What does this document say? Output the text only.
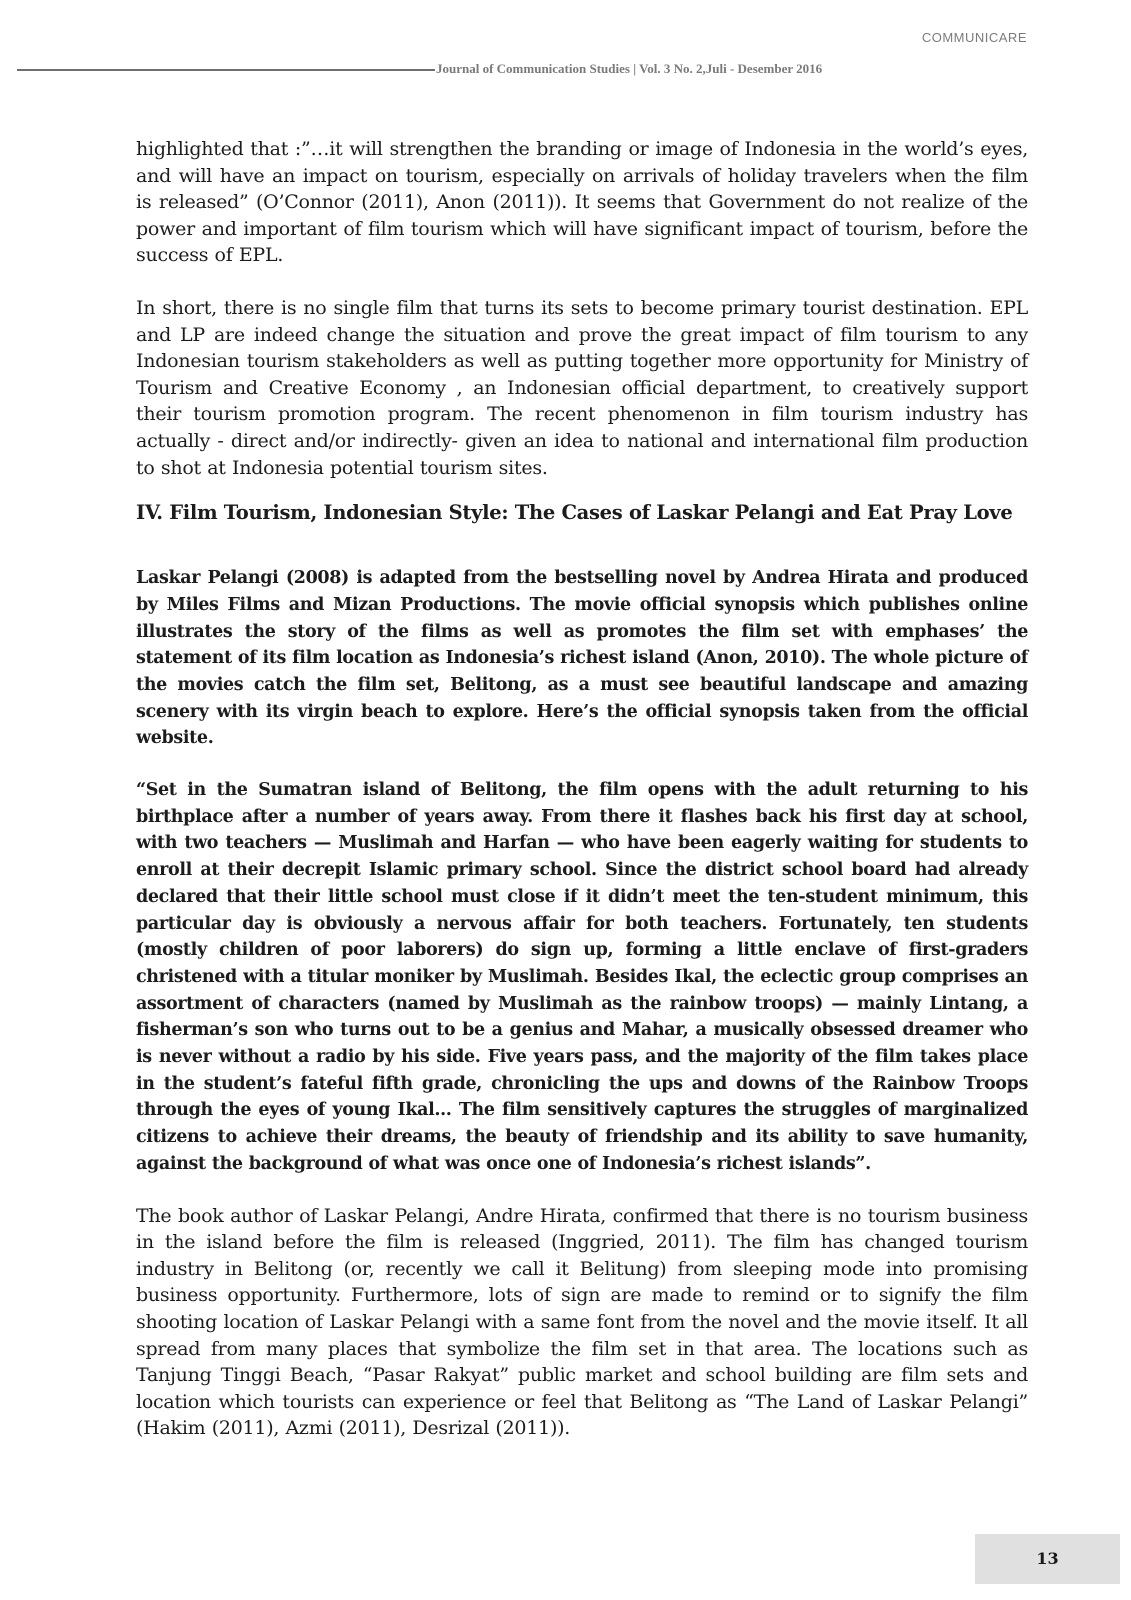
COMMUNICARE
Journal of Communication Studies | Vol. 3 No. 2,Juli - Desember 2016

highlighted that :”…it will strengthen the branding or image of Indonesia in the world’s eyes, and will have an impact on tourism, especially on arrivals of holiday travelers when the film is released” (O’Connor (2011), Anon (2011)). It seems that Government do not realize of the power and important of film tourism which will have significant impact of tourism, before the success of EPL.

In short, there is no single film that turns its sets to become primary tourist destination. EPL and LP are indeed change the situation and prove the great impact of film tourism to any Indonesian tourism stakeholders as well as putting together more opportunity for Ministry of Tourism and Creative Economy , an Indonesian official department, to creatively support their tourism promotion program. The recent phenomenon in film tourism industry has actually - direct and/or indirectly- given an idea to national and international film production to shot at Indonesia potential tourism sites.

IV. Film Tourism, Indonesian Style: The Cases of Laskar Pelangi and Eat Pray Love

Laskar Pelangi (2008) is adapted from the bestselling novel by Andrea Hirata and produced by Miles Films and Mizan Productions. The movie official synopsis which publishes online illustrates the story of the films as well as promotes the film set with emphases’ the statement of its film location as Indonesia’s richest island (Anon, 2010). The whole picture of the movies catch the film set, Belitong, as a must see beautiful landscape and amazing scenery with its virgin beach to explore. Here’s the official synopsis taken from the official website.

“Set in the Sumatran island of Belitong, the film opens with the adult returning to his birthplace after a number of years away. From there it flashes back his first day at school, with two teachers — Muslimah and Harfan — who have been eagerly waiting for students to enroll at their decrepit Islamic primary school. Since the district school board had already declared that their little school must close if it didn’t meet the ten-student minimum, this particular day is obviously a nervous affair for both teachers. Fortunately, ten students (mostly children of poor laborers) do sign up, forming a little enclave of first-graders christened with a titular moniker by Muslimah. Besides Ikal, the eclectic group comprises an assortment of characters (named by Muslimah as the rainbow troops) — mainly Lintang, a fisherman’s son who turns out to be a genius and Mahar, a musically obsessed dreamer who is never without a radio by his side. Five years pass, and the majority of the film takes place in the student’s fateful fifth grade, chronicling the ups and downs of the Rainbow Troops through the eyes of young Ikal… The film sensitively captures the struggles of marginalized citizens to achieve their dreams, the beauty of friendship and its ability to save humanity, against the background of what was once one of Indonesia’s richest islands”.

The book author of Laskar Pelangi, Andre Hirata, confirmed that there is no tourism business in the island before the film is released (Inggried, 2011). The film has changed tourism industry in Belitong (or, recently we call it Belitung) from sleeping mode into promising business opportunity. Furthermore, lots of sign are made to remind or to signify the film shooting location of Laskar Pelangi with a same font from the novel and the movie itself. It all spread from many places that symbolize the film set in that area. The locations such as Tanjung Tinggi Beach, “Pasar Rakyat” public market and school building are film sets and location which tourists can experience or feel that Belitong as “The Land of Laskar Pelangi” (Hakim (2011), Azmi (2011), Desrizal (2011)).

13
